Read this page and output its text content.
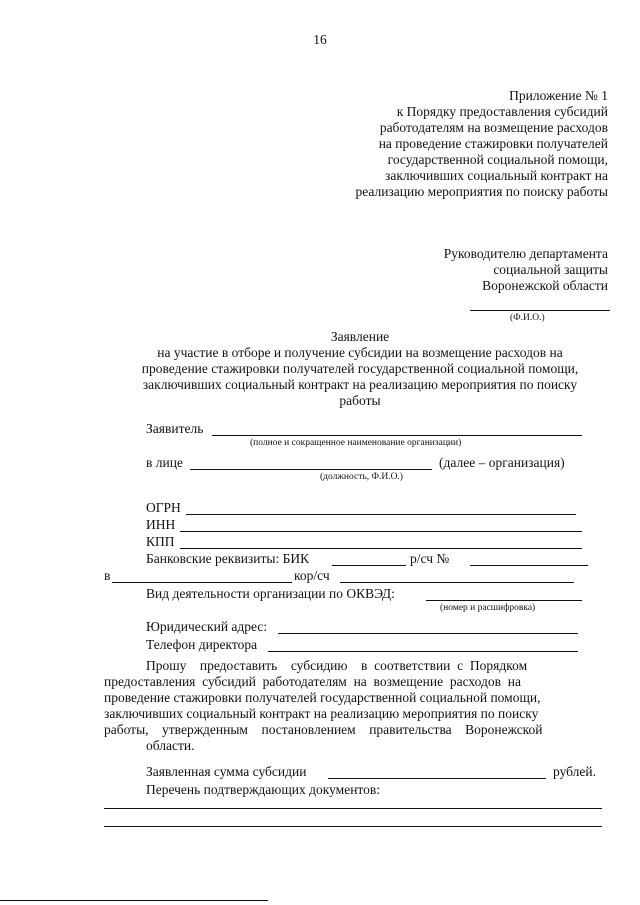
16
Приложение № 1
к Порядку предоставления субсидий
работодателям на возмещение расходов
на проведение стажировки получателей
государственной социальной помощи,
заключивших социальный контракт на
реализацию мероприятия по поиску работы
Руководителю департамента
социальной защиты
Воронежской области
(Ф.И.О.)
Заявление
на участие в отборе и получение субсидии на возмещение расходов на
проведение стажировки получателей государственной социальной помощи,
заключивших социальный контракт на реализацию мероприятия по поиску
работы
Заявитель
(полное и сокращенное наименование организации)
в лице	(далее – организация)
(должность, Ф.И.О.)
ОГРН
ИНН
КПП
Банковские реквизиты: БИК	р/сч №
в	кор/сч
Вид деятельности организации по ОКВЭД:
(номер и расшифровка)
Юридический адрес:
Телефон директора
Прошу    предоставить    субсидию    в  соответствии  с  Порядком
предоставления  субсидий  работодателям  на  возмещение  расходов  на
проведение стажировки получателей государственной социальной помощи,
заключивших социальный контракт на реализацию мероприятия по поиску
работы,    утвержденным    постановлением    правительства    Воронежской
области.
Заявленная сумма субсидии	рублей.
Перечень подтверждающих документов:
